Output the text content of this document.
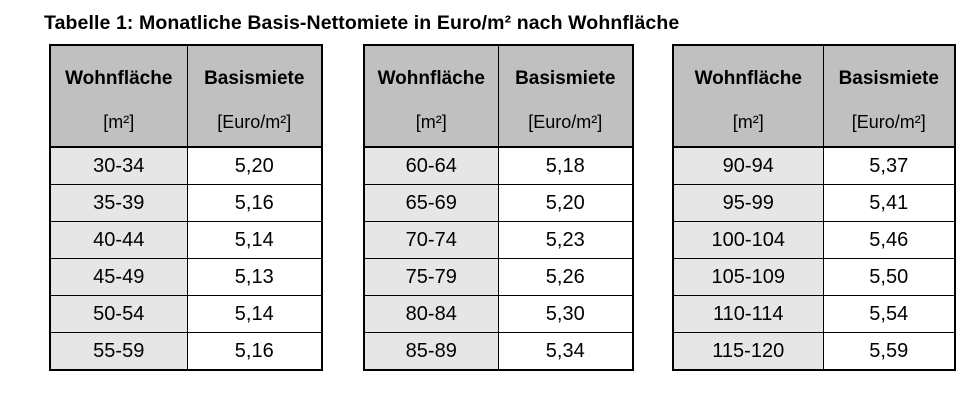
Tabelle 1: Monatliche Basis-Nettomiete in Euro/m² nach Wohnfläche
Wohnfläche	Basismiete
[m²]	[Euro/m²]
30-34	5,20
35-39	5,16
40-44	5,14
45-49	5,13
50-54	5,14
55-59	5,16
Wohnfläche	Basismiete
[m²]	[Euro/m²]
60-64	5,18
65-69	5,20
70-74	5,23
75-79	5,26
80-84	5,30
85-89	5,34
Wohnfläche	Basismiete
[m²]	[Euro/m²]
90-94	5,37
95-99	5,41
100-104	5,46
105-109	5,50
110-114	5,54
115-120	5,59
